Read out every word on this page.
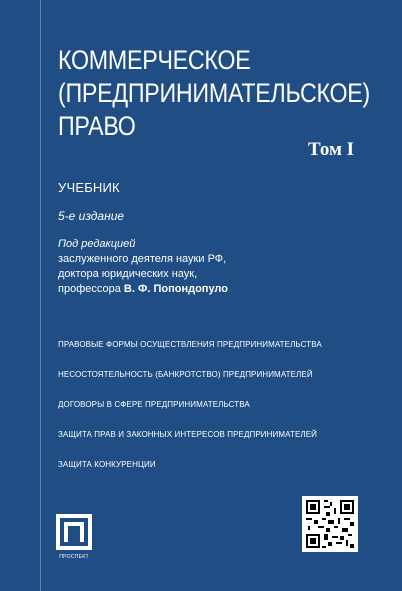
КОММЕРЧЕСКОЕ
(ПРЕДПРИНИМАТЕЛЬСКОЕ)
ПРАВО
Том I
УЧЕБНИК
5-е издание
Под редакцией
заслуженного деятеля науки РФ,
доктора юридических наук,
профессора В. Ф. Попондопуло
ПРАВОВЫЕ ФОРМЫ ОСУЩЕСТВЛЕНИЯ ПРЕДПРИНИМАТЕЛЬСТВА
НЕСОСТОЯТЕЛЬНОСТЬ (БАНКРОТСТВО) ПРЕДПРИНИМАТЕЛЕЙ
ДОГОВОРЫ В СФЕРЕ ПРЕДПРИНИМАТЕЛЬСТВА
ЗАЩИТА ПРАВ И ЗАКОННЫХ ИНТЕРЕСОВ ПРЕДПРИНИМАТЕЛЕЙ
ЗАЩИТА КОНКУРЕНЦИИ
ПРОСПЕКТ
